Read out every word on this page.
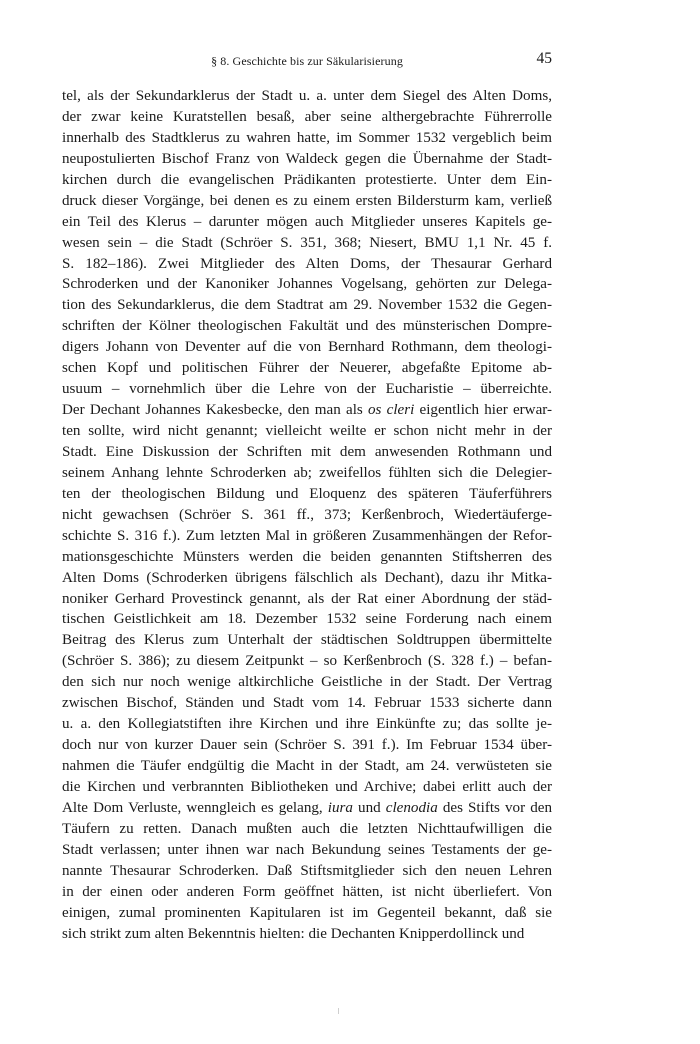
§ 8. Geschichte bis zur Säkularisierung	45
tel, als der Sekundarklerus der Stadt u. a. unter dem Siegel des Alten Doms,
der zwar keine Kuratstellen besaß, aber seine althergebrachte Führerrolle
innerhalb des Stadtklerus zu wahren hatte, im Sommer 1532 vergeblich beim
neupostulierten Bischof Franz von Waldeck gegen die Übernahme der Stadt-
kirchen durch die evangelischen Prädikanten protestierte. Unter dem Ein-
druck dieser Vorgänge, bei denen es zu einem ersten Bildersturm kam, verließ
ein Teil des Klerus – darunter mögen auch Mitglieder unseres Kapitels ge-
wesen sein – die Stadt (Schröer S. 351, 368; Niesert, BMU 1,1 Nr. 45 f.
S. 182–186). Zwei Mitglieder des Alten Doms, der Thesaurar Gerhard
Schroderken und der Kanoniker Johannes Vogelsang, gehörten zur Delega-
tion des Sekundarklerus, die dem Stadtrat am 29. November 1532 die Gegen-
schriften der Kölner theologischen Fakultät und des münsterischen Dompre-
digers Johann von Deventer auf die von Bernhard Rothmann, dem theologi-
schen Kopf und politischen Führer der Neuerer, abgefaßte Epitome ab-
usuum – vornehmlich über die Lehre von der Eucharistie – überreichte.
Der Dechant Johannes Kakesbecke, den man als os cleri eigentlich hier erwar-
ten sollte, wird nicht genannt; vielleicht weilte er schon nicht mehr in der
Stadt. Eine Diskussion der Schriften mit dem anwesenden Rothmann und
seinem Anhang lehnte Schroderken ab; zweifellos fühlten sich die Delegier-
ten der theologischen Bildung und Eloquenz des späteren Täuferführers
nicht gewachsen (Schröer S. 361 ff., 373; Kerßenbroch, Wiedertäuferge-
schichte S. 316 f.). Zum letzten Mal in größeren Zusammenhängen der Refor-
mationsgeschichte Münsters werden die beiden genannten Stiftsherren des
Alten Doms (Schroderken übrigens fälschlich als Dechant), dazu ihr Mitka-
noniker Gerhard Provestinck genannt, als der Rat einer Abordnung der städ-
tischen Geistlichkeit am 18. Dezember 1532 seine Forderung nach einem
Beitrag des Klerus zum Unterhalt der städtischen Soldtruppen übermittelte
(Schröer S. 386); zu diesem Zeitpunkt – so Kerßenbroch (S. 328 f.) – befan-
den sich nur noch wenige altkirchliche Geistliche in der Stadt. Der Vertrag
zwischen Bischof, Ständen und Stadt vom 14. Februar 1533 sicherte dann
u. a. den Kollegiatstiften ihre Kirchen und ihre Einkünfte zu; das sollte je-
doch nur von kurzer Dauer sein (Schröer S. 391 f.). Im Februar 1534 über-
nahmen die Täufer endgültig die Macht in der Stadt, am 24. verwüsteten sie
die Kirchen und verbrannten Bibliotheken und Archive; dabei erlitt auch der
Alte Dom Verluste, wenngleich es gelang, iura und clenodia des Stifts vor den
Täufern zu retten. Danach mußten auch die letzten Nichttaufwilligen die
Stadt verlassen; unter ihnen war nach Bekundung seines Testaments der ge-
nannte Thesaurar Schroderken. Daß Stiftsmitglieder sich den neuen Lehren
in der einen oder anderen Form geöffnet hätten, ist nicht überliefert. Von
einigen, zumal prominenten Kapitularen ist im Gegenteil bekannt, daß sie
sich strikt zum alten Bekenntnis hielten: die Dechanten Knipperdollinck und
